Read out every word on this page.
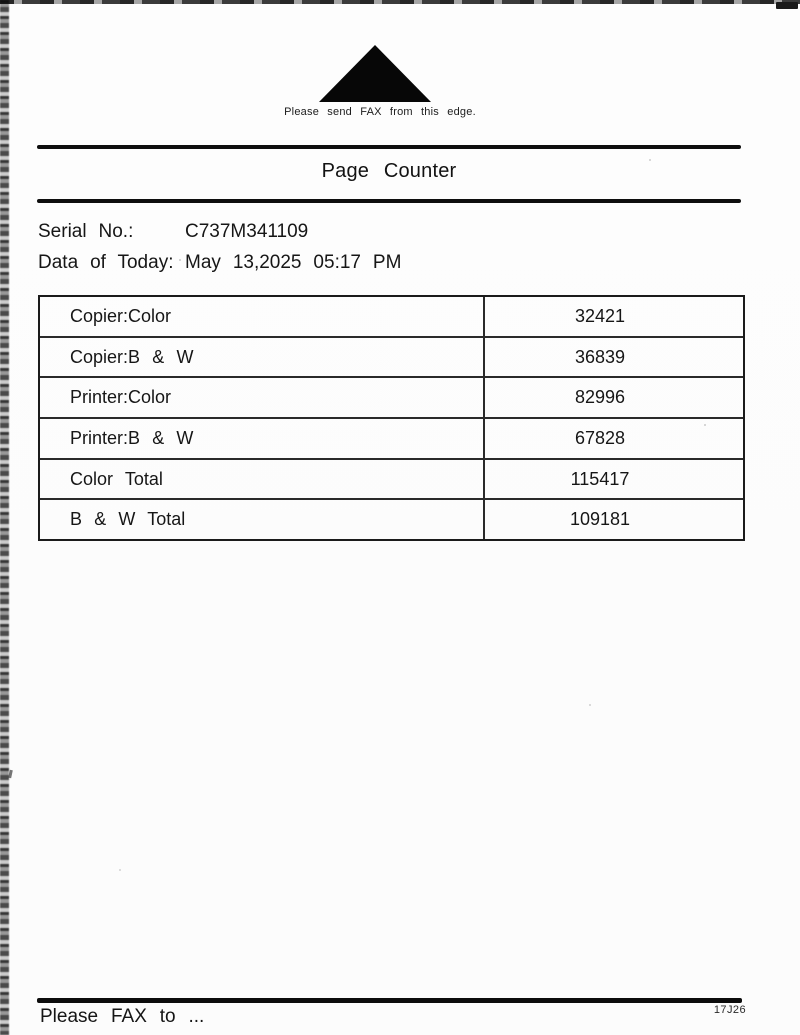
Please send FAX from this edge.
Page Counter
Serial No.:	C737M341109
Data of Today: May 13,2025 05:17 PM
Copier:Color	32421
Copier:B & W	36839
Printer:Color	82996
Printer:B & W	67828
Color Total	115417
B & W Total	109181
Please FAX to ...	17J26
